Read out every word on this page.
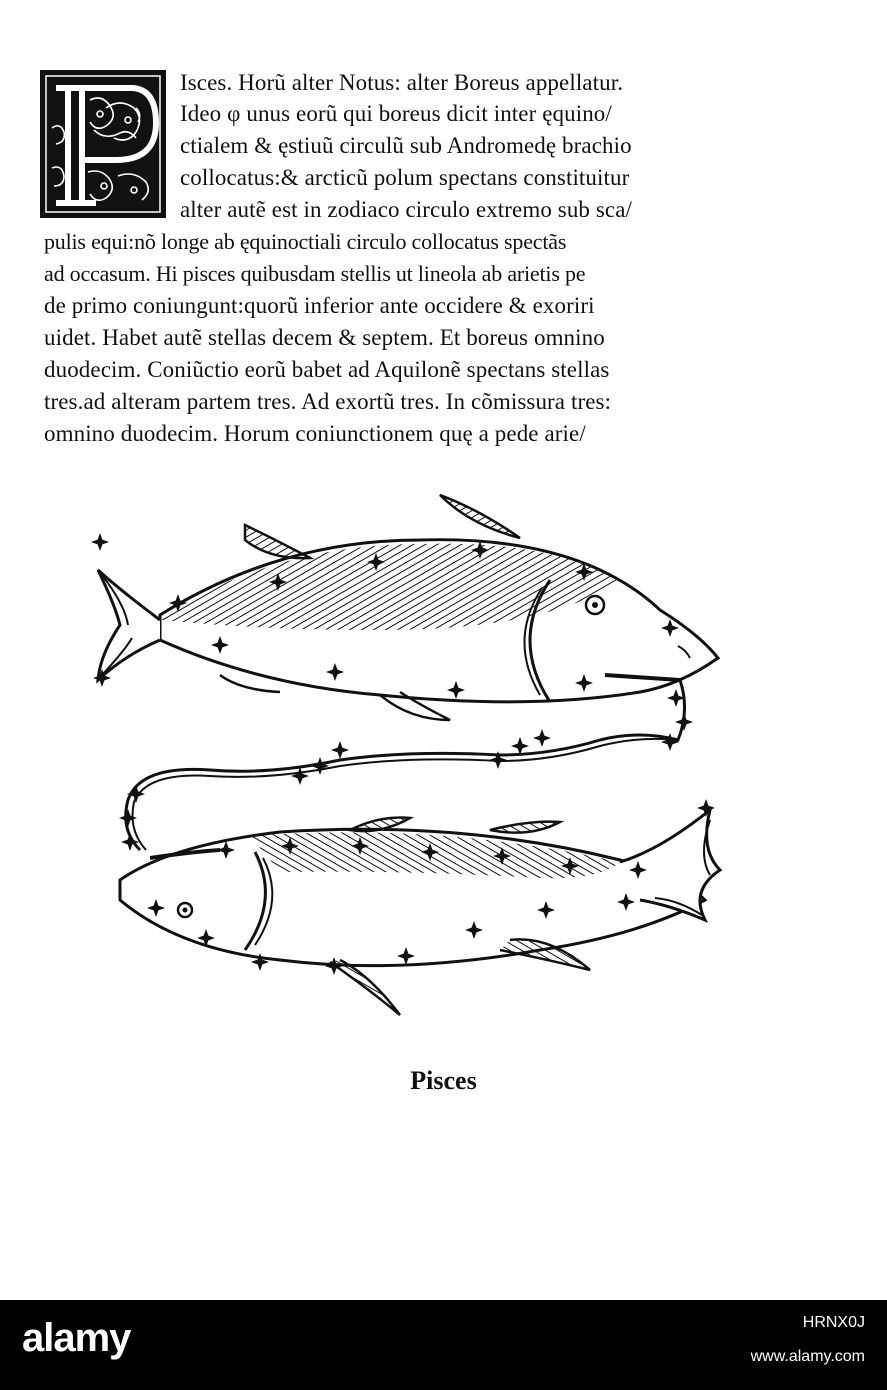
Isces. Horũ alter Notus: alter Boreus appellatur.

Ideo φ unus eorũ qui boreus dicit inter ęquino/

ctialem & ęstiuũ circulũ sub Andromedę brachio

collocatus:& arcticũ polum spectans constituitur

alter autẽ est in zodiaco circulo extremo sub sca/

pulis equi:nõ longe ab ęquinoctiali circulo collocatus spectãs

ad occasum. Hi pisces quibusdam stellis ut lineola ab arietis pe

de primo coniungunt:quorũ inferior ante occidere & exoriri

uidet. Habet autẽ stellas decem & septem. Et boreus omnino

duodecim. Coniũctio eorũ babet ad Aquilonẽ spectans stellas

tres.ad alteram partem tres. Ad exortũ tres. In cõmissura tres:

omnino duodecim. Horum coniunctionem quę a pede arie/

Pisces

alamy	HRNX0J

www.alamy.com
